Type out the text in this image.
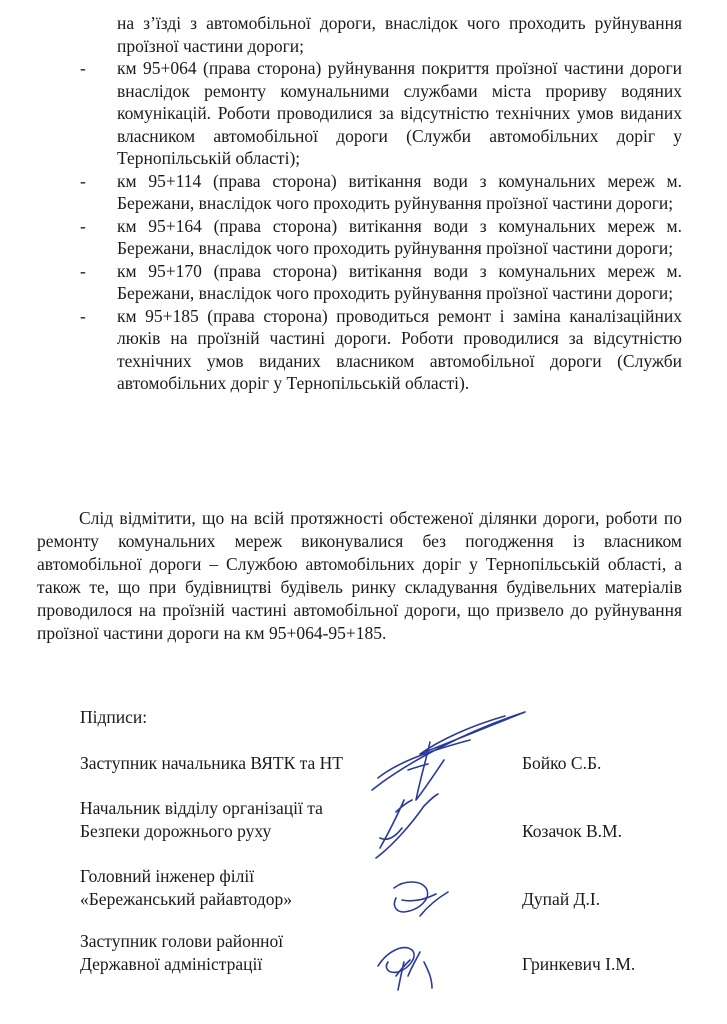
на з’їзді з автомобільної дороги, внаслідок чого проходить руйнування проїзної частини дороги;
- км 95+064 (права сторона) руйнування покриття проїзної частини дороги внаслідок ремонту комунальними службами міста прориву водяних комунікацій. Роботи проводилися за відсутністю технічних умов виданих власником автомобільної дороги (Служби автомобільних доріг у Тернопільській області);
- км 95+114 (права сторона) витікання води з комунальних мереж м. Бережани, внаслідок чого проходить руйнування проїзної частини дороги;
- км 95+164 (права сторона) витікання води з комунальних мереж м. Бережани, внаслідок чого проходить руйнування проїзної частини дороги;
- км 95+170 (права сторона) витікання води з комунальних мереж м. Бережани, внаслідок чого проходить руйнування проїзної частини дороги;
- км 95+185 (права сторона) проводиться ремонт і заміна каналізаційних люків на проїзній частині дороги. Роботи проводилися за відсутністю технічних умов виданих власником автомобільної дороги (Служби автомобільних доріг у Тернопільській області).

Слід відмітити, що на всій протяжності обстеженої ділянки дороги, роботи по ремонту комунальних мереж виконувалися без погодження із власником автомобільної дороги – Службою автомобільних доріг у Тернопільській області, а також те, що при будівництві будівель ринку складування будівельних матеріалів проводилося на проїзній частині автомобільної дороги, що призвело до руйнування проїзної частини дороги на км 95+064-95+185.

Підписи:

Заступник начальника ВЯТК та НТ	Бойко С.Б.
Начальник відділу організації та
Безпеки дорожнього руху	Козачок В.М.
Головний інженер філії
«Бережанський райавтодор»	Дупай Д.І.
Заступник голови районної
Державної адміністрації	Гринкевич І.М.
